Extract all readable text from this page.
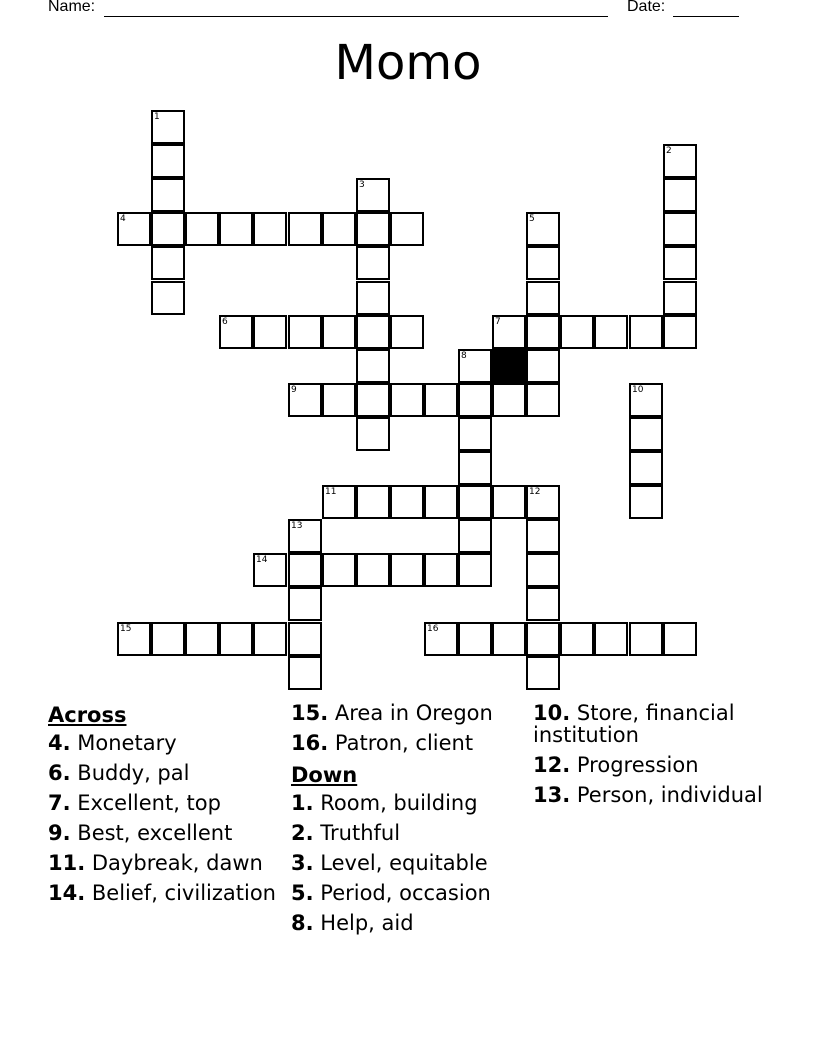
Name:	Date:
Momo
1
2
3
4	5
6	7
8
9	10
11	12
13
14
15	16
Across
4. Monetary
6. Buddy, pal
7. Excellent, top
9. Best, excellent
11. Daybreak, dawn
14. Belief, civilization
15. Area in Oregon
16. Patron, client
Down
1. Room, building
2. Truthful
3. Level, equitable
5. Period, occasion
8. Help, aid
10. Store, financial institution
12. Progression
13. Person, individual
